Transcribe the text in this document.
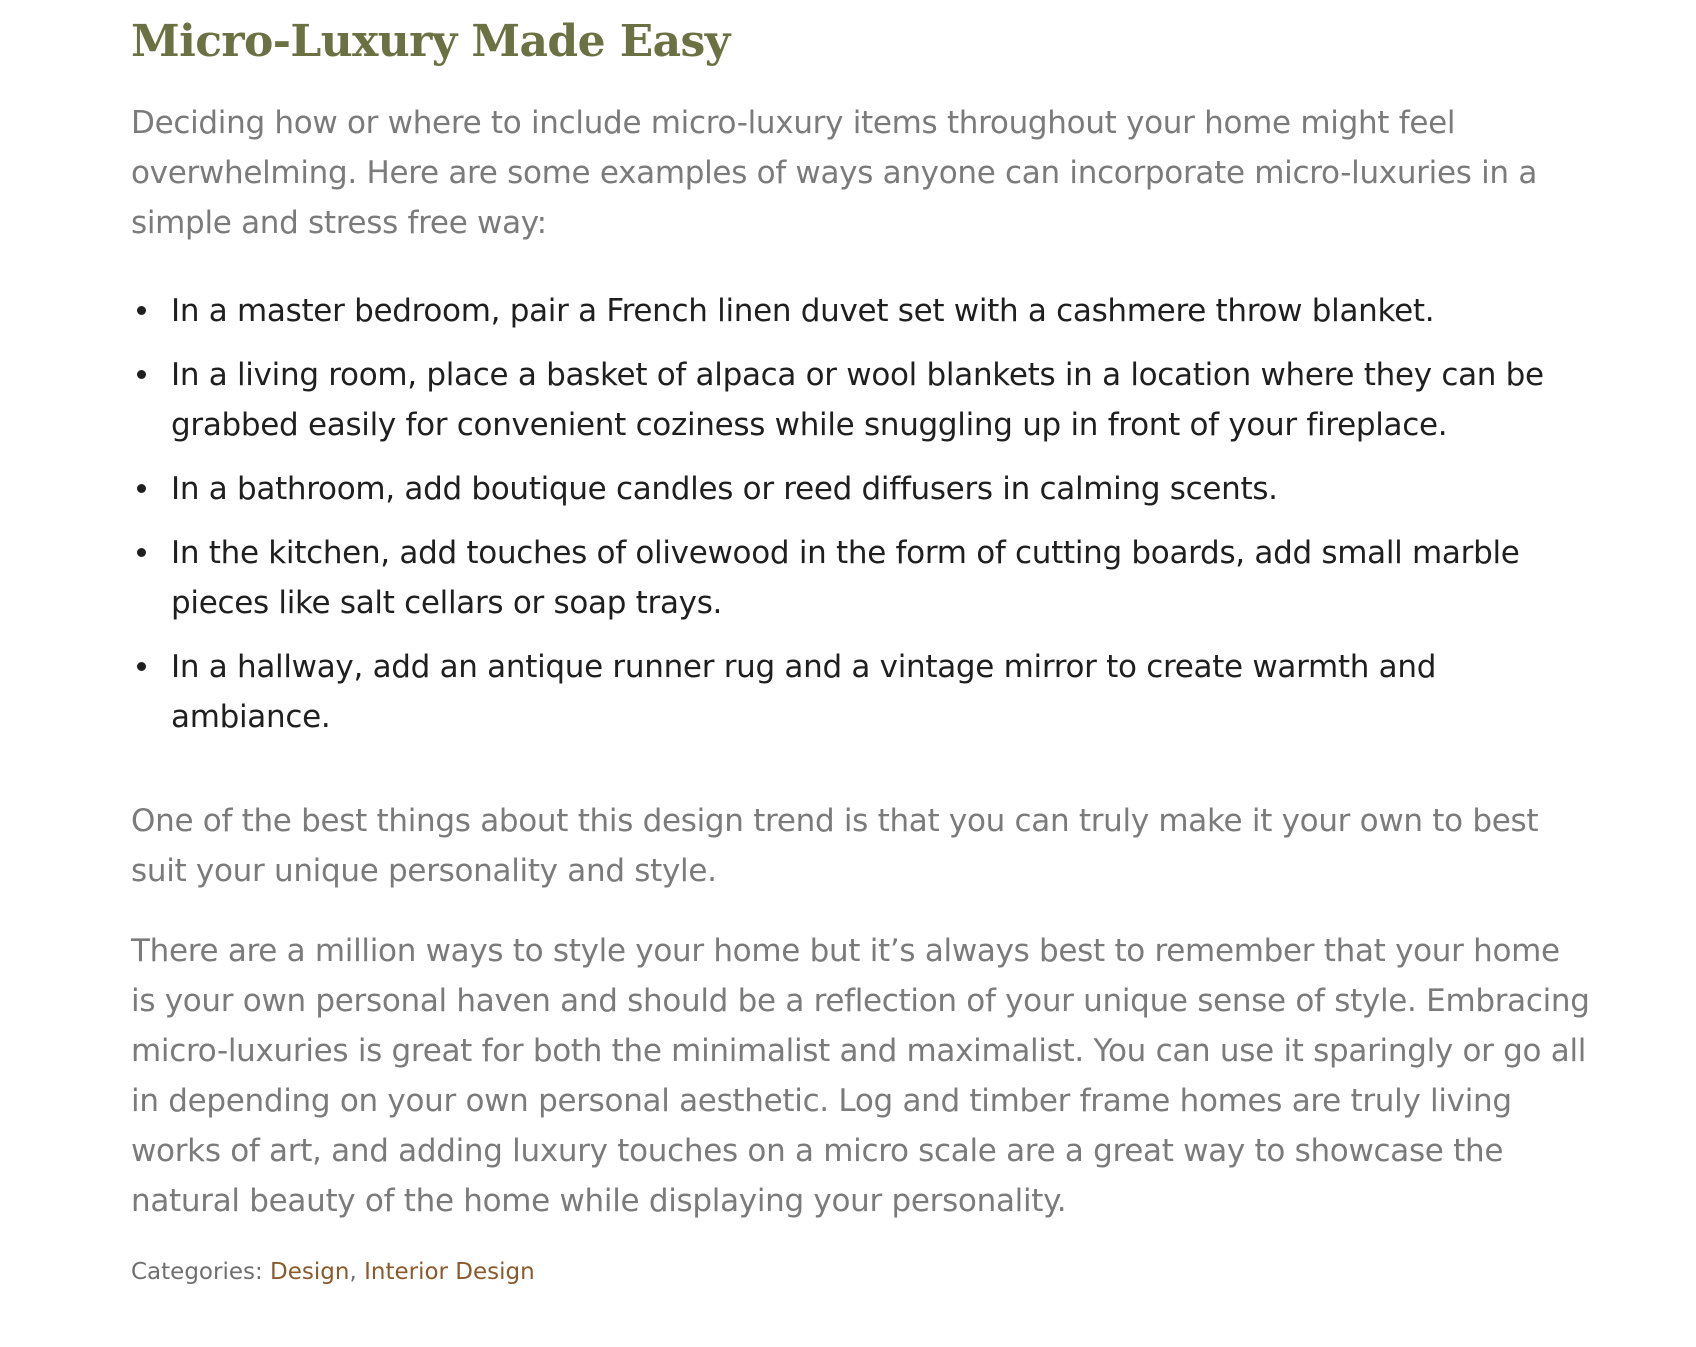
Micro-Luxury Made Easy

Deciding how or where to include micro-luxury items throughout your home might feel overwhelming. Here are some examples of ways anyone can incorporate micro-luxuries in a simple and stress free way:

In a master bedroom, pair a French linen duvet set with a cashmere throw blanket.
In a living room, place a basket of alpaca or wool blankets in a location where they can be grabbed easily for convenient coziness while snuggling up in front of your fireplace.
In a bathroom, add boutique candles or reed diffusers in calming scents.
In the kitchen, add touches of olivewood in the form of cutting boards, add small marble pieces like salt cellars or soap trays.
In a hallway, add an antique runner rug and a vintage mirror to create warmth and ambiance.

One of the best things about this design trend is that you can truly make it your own to best suit your unique personality and style.

There are a million ways to style your home but it’s always best to remember that your home is your own personal haven and should be a reflection of your unique sense of style. Embracing micro-luxuries is great for both the minimalist and maximalist. You can use it sparingly or go all in depending on your own personal aesthetic. Log and timber frame homes are truly living works of art, and adding luxury touches on a micro scale are a great way to showcase the natural beauty of the home while displaying your personality.

Categories: Design, Interior Design
